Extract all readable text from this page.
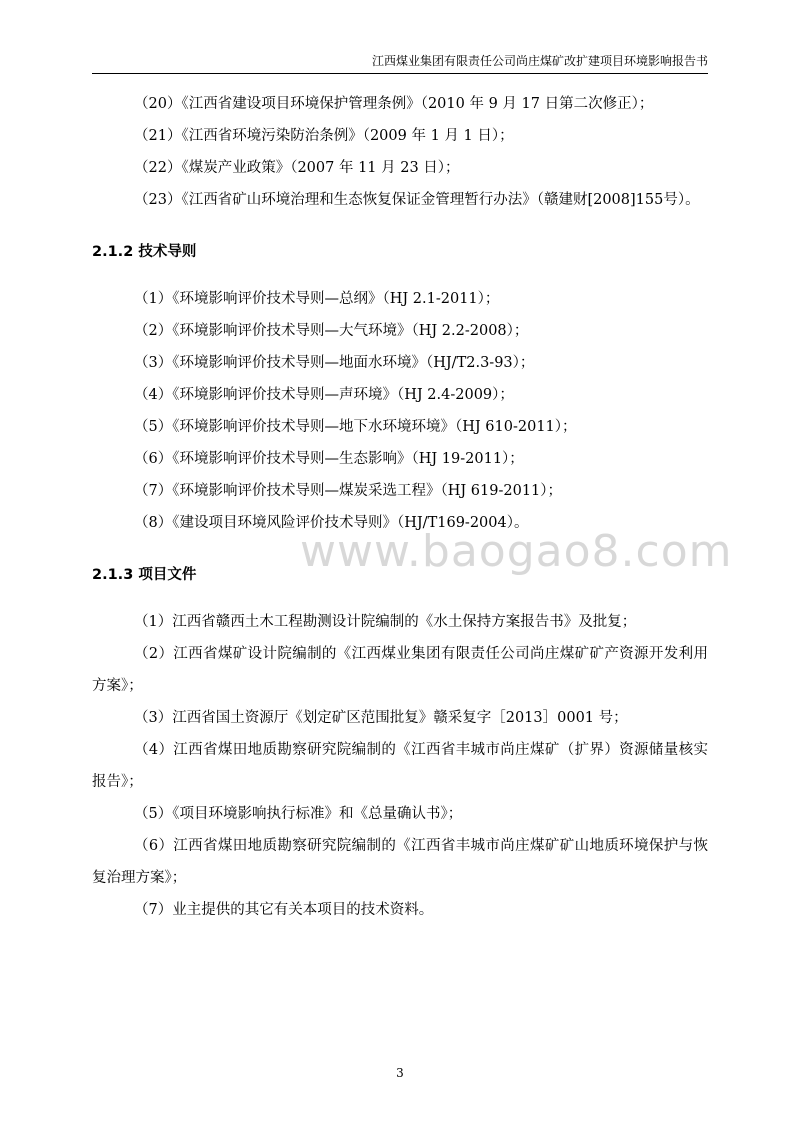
江西煤业集团有限责任公司尚庄煤矿改扩建项目环境影响报告书

（20）《江西省建设项目环境保护管理条例》（2010 年 9 月 17 日第二次修正）；

（21）《江西省环境污染防治条例》（2009 年 1 月 1 日）；

（22）《煤炭产业政策》（2007 年 11 月 23 日）；

（23）《江西省矿山环境治理和生态恢复保证金管理暂行办法》（赣建财[2008]155号）。

2.1.2 技术导则

（1）《环境影响评价技术导则—总纲》（HJ 2.1-2011）；

（2）《环境影响评价技术导则—大气环境》（HJ 2.2-2008）；

（3）《环境影响评价技术导则—地面水环境》（HJ/T2.3-93）；

（4）《环境影响评价技术导则—声环境》（HJ 2.4-2009）；

（5）《环境影响评价技术导则—地下水环境环境》（HJ 610-2011）；

（6）《环境影响评价技术导则—生态影响》（HJ 19-2011）；

（7）《环境影响评价技术导则—煤炭采选工程》（HJ 619-2011）；

（8）《建设项目环境风险评价技术导则》（HJ/T169-2004）。

2.1.3 项目文件

（1）江西省赣西土木工程勘测设计院编制的《水土保持方案报告书》及批复；

（2）江西省煤矿设计院编制的《江西煤业集团有限责任公司尚庄煤矿矿产资源开发利用方案》；

（3）江西省国土资源厅《划定矿区范围批复》赣采复字［2013］0001 号；

（4）江西省煤田地质勘察研究院编制的《江西省丰城市尚庄煤矿（扩界）资源储量核实报告》；

（5）《项目环境影响执行标准》和《总量确认书》；

（6）江西省煤田地质勘察研究院编制的《江西省丰城市尚庄煤矿矿山地质环境保护与恢复治理方案》；

（7）业主提供的其它有关本项目的技术资料。

www.baogao8.com
3
